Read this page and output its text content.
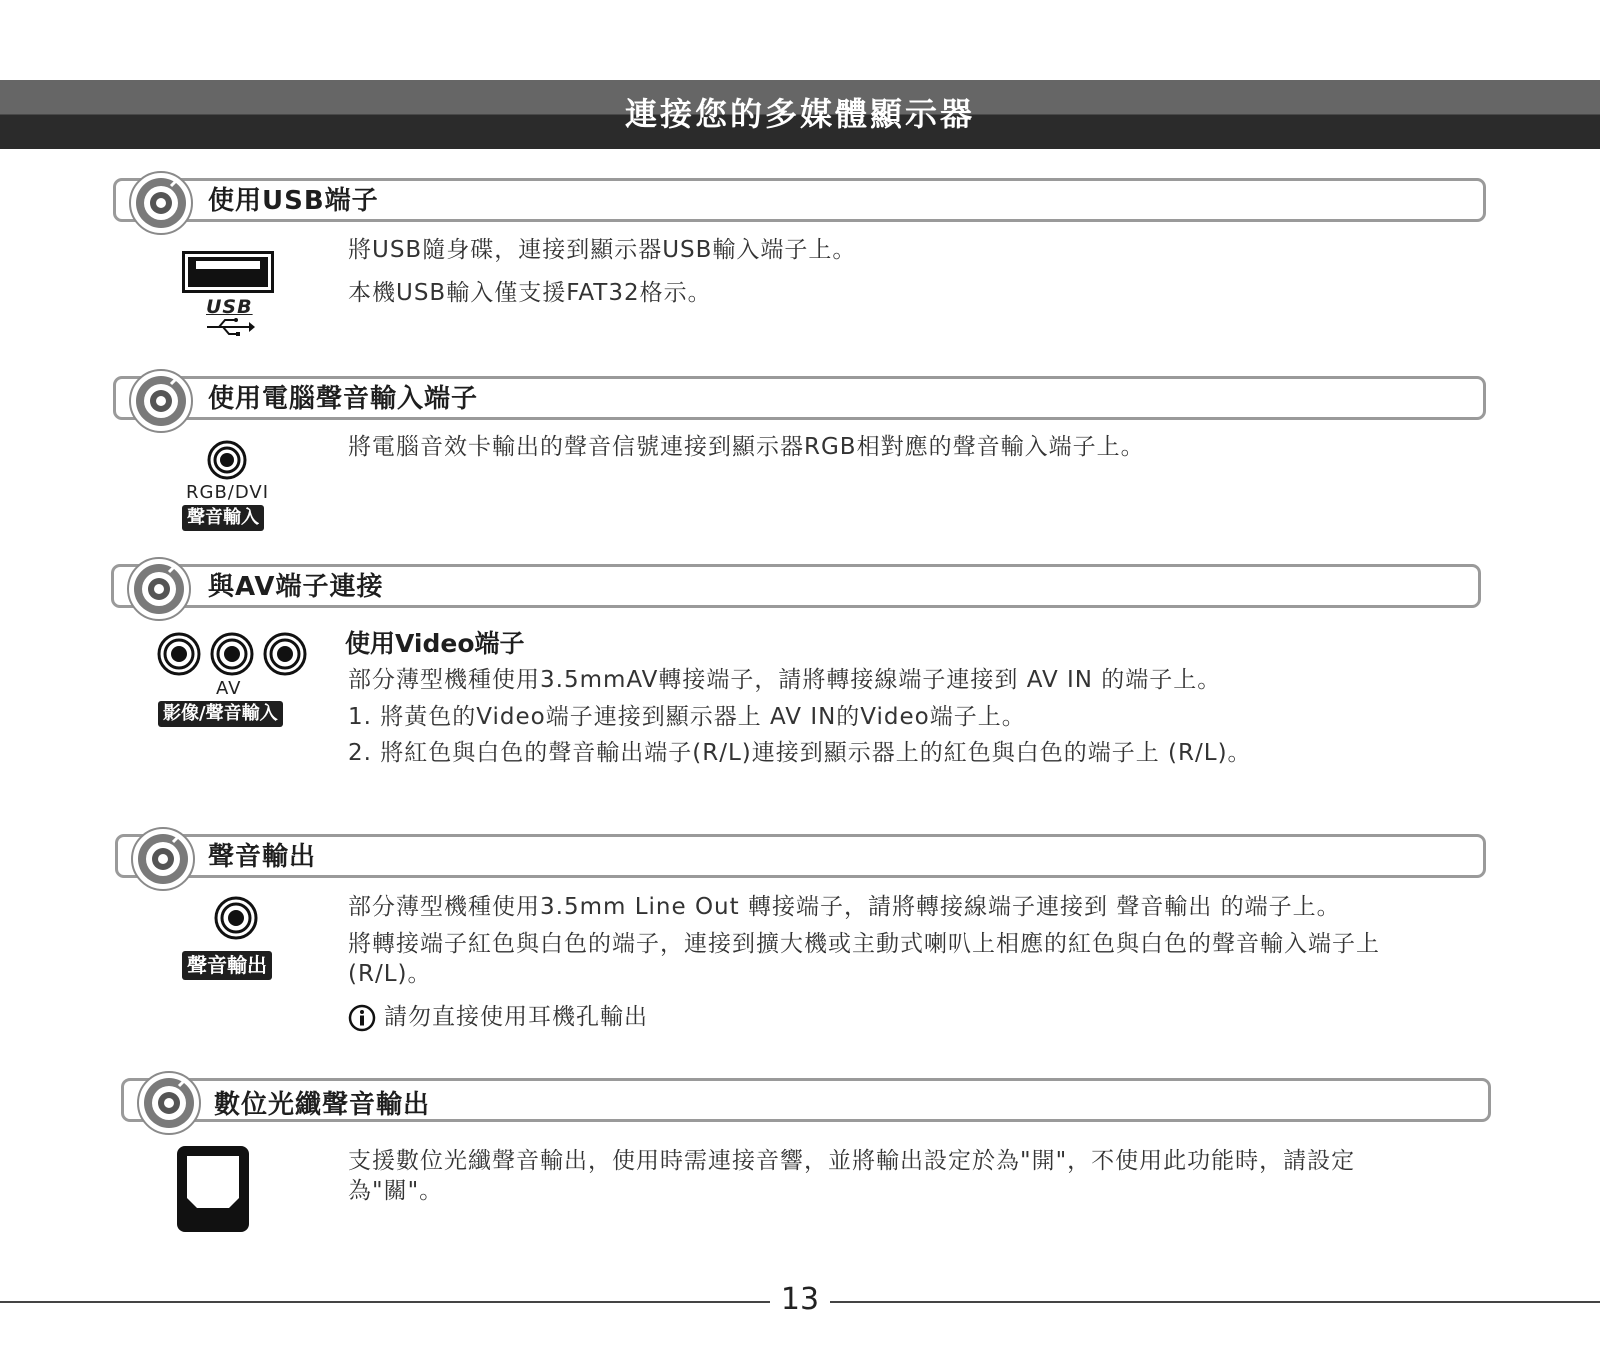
連接您的多媒體顯示器
使用USB端子
USB
將USB隨身碟，連接到顯示器USB輸入端子上。
本機USB輸入僅支援FAT32格示。
使用電腦聲音輸入端子
RGB/DVI
聲音輸入
將電腦音效卡輸出的聲音信號連接到顯示器RGB相對應的聲音輸入端子上。
與AV端子連接
AV
影像/聲音輸入
使用Video端子
部分薄型機種使用3.5mmAV轉接端子，請將轉接線端子連接到 AV IN 的端子上。
1. 將黃色的Video端子連接到顯示器上 AV IN的Video端子上。
2. 將紅色與白色的聲音輸出端子(R/L)連接到顯示器上的紅色與白色的端子上 (R/L)。
聲音輸出
聲音輸出
部分薄型機種使用3.5mm Line Out 轉接端子，請將轉接線端子連接到 聲音輸出 的端子上。
將轉接端子紅色與白色的端子，連接到擴大機或主動式喇叭上相應的紅色與白色的聲音輸入端子上 (R/L)。
請勿直接使用耳機孔輸出
數位光纖聲音輸出
支援數位光纖聲音輸出，使用時需連接音響，並將輸出設定於為"開"，不使用此功能時，請設定為"關"。
13
